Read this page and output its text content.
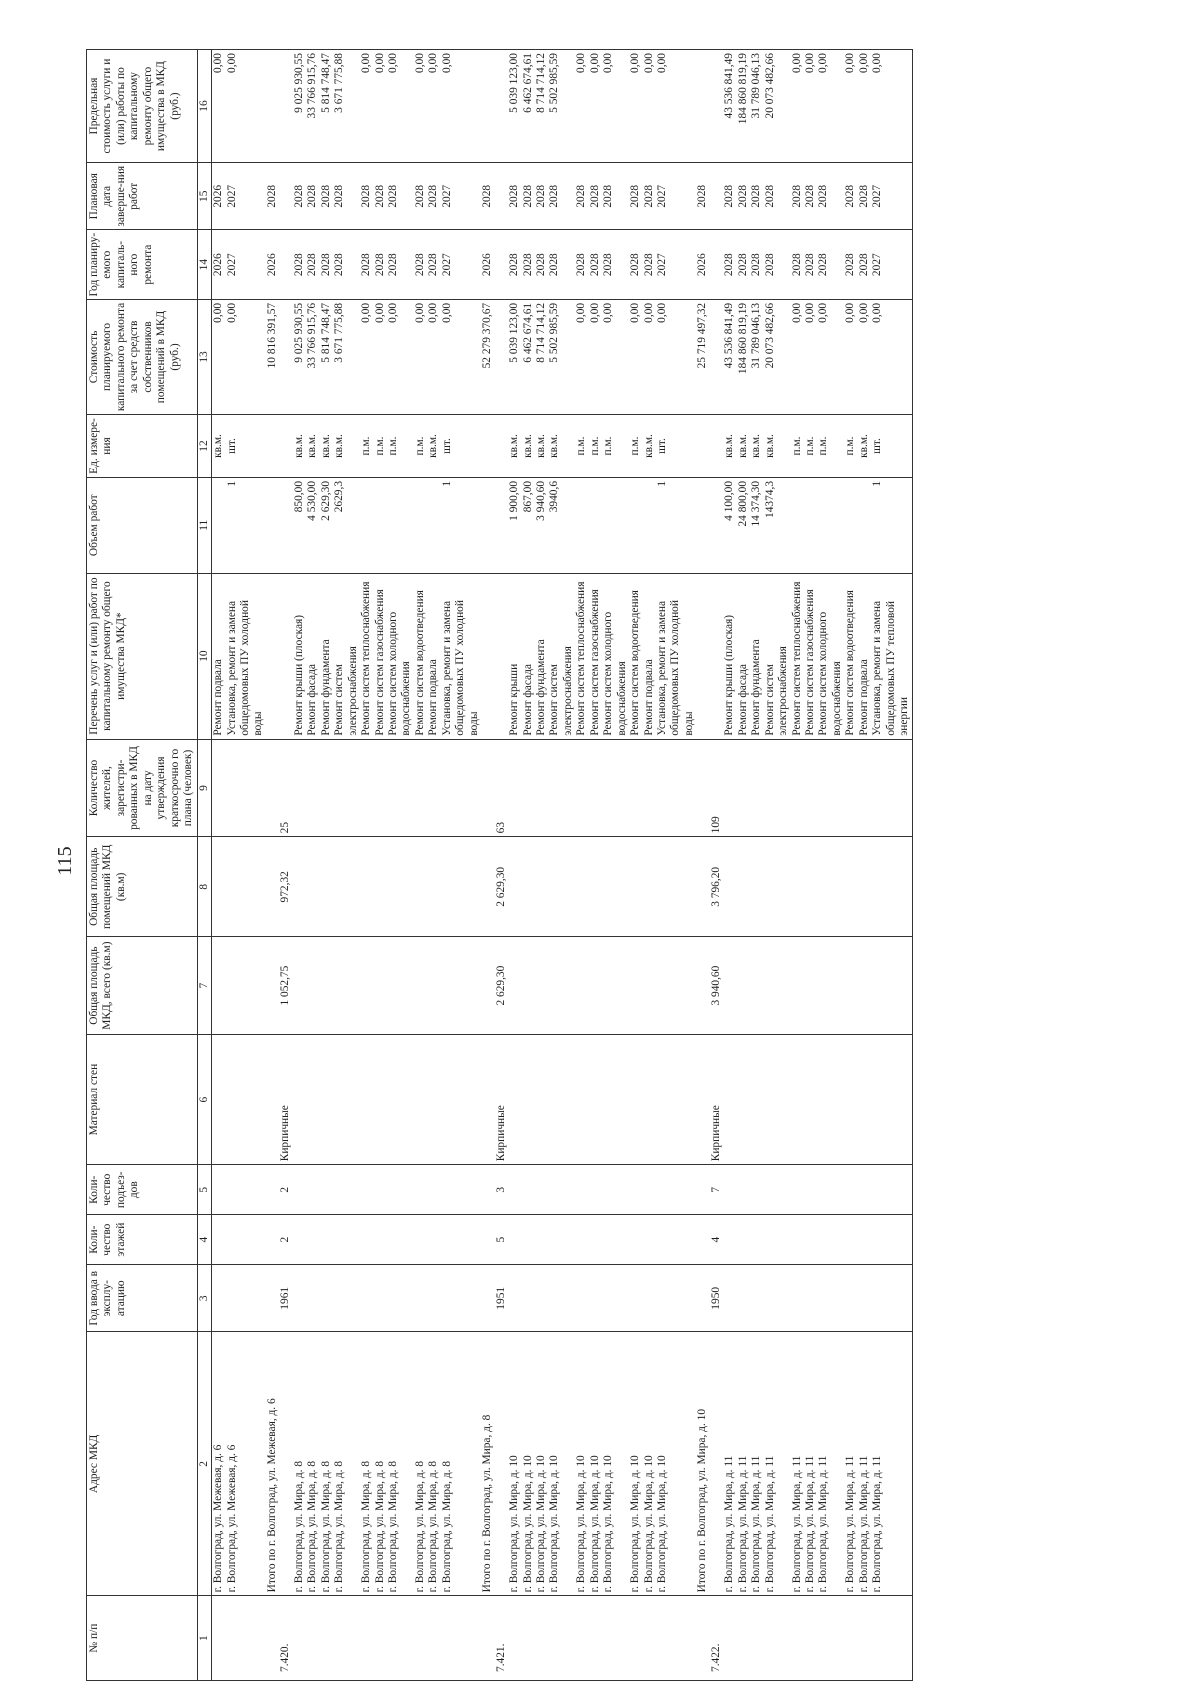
115
№ п/п	Адрес МКД	Год ввода в эксплу-атацию	Коли-чество этажей	Коли-чество подъез-дов	Материал стен	Общая площадь МКД, всего (кв.м)	Общая площадь помещений МКД (кв.м)	Количество жителей, зарегистри-рованных в МКД на дату утверждения краткосрочно го плана (человек)	Перечень услуг и (или) работ по капитальному ремонту общего имущества МКД*	Объем работ	Ед. измере-ния	Стоимость планируемого капитального ремонта за счет средств собственников помещений в МКД (руб.)	Год планиру-емого капиталь-ного ремонта	Плановая дата заверше-ния работ	Предельная стоимость услуги и (или) работы по капитальному ремонту общего имущества в МКД (руб.)
1	2	3	4	5	6	7	8	9	10	11	12	13	14	15	16
	г. Волгоград, ул. Межевая, д. 6								Ремонт подвала		кв.м.	0,00	2026	2026	0,00
	г. Волгоград, ул. Межевая, д. 6								Установка, ремонт и замена общедомовых ПУ холодной воды	1	шт.	0,00	2027	2027	0,00

	Итого по г. Волгоград, ул. Межевая, д. 6											10 816 391,57	2026	2028	
7.420.		1961	2	2	Кирпичные	1 052,75	972,32	25							
	г. Волгоград, ул. Мира, д. 8								Ремонт крыши (плоская)	850,00	кв.м.	9 025 930,55	2028	2028	9 025 930,55
	г. Волгоград, ул. Мира, д. 8								Ремонт фасада	4 530,00	кв.м.	33 766 915,76	2028	2028	33 766 915,76
	г. Волгоград, ул. Мира, д. 8								Ремонт фундамента	2 629,30	кв.м.	5 814 748,47	2028	2028	5 814 748,47
	г. Волгоград, ул. Мира, д. 8								Ремонт систем электроснабжения	2629,3	кв.м.	3 671 775,88	2028	2028	3 671 775,88
	г. Волгоград, ул. Мира, д. 8								Ремонт систем теплоснабжения		п.м.	0,00	2028	2028	0,00
	г. Волгоград, ул. Мира, д. 8								Ремонт систем газоснабжения		п.м.	0,00	2028	2028	0,00
	г. Волгоград, ул. Мира, д. 8								Ремонт систем холодного водоснабжения		п.м.	0,00	2028	2028	0,00
	г. Волгоград, ул. Мира, д. 8								Ремонт систем водоотведения		п.м.	0,00	2028	2028	0,00
	г. Волгоград, ул. Мира, д. 8								Ремонт подвала		кв.м.	0,00	2028	2028	0,00
	г. Волгоград, ул. Мира, д. 8								Установка, ремонт и замена общедомовых ПУ холодной воды	1	шт.	0,00	2027	2027	0,00
	Итого по г. Волгоград, ул. Мира, д. 8											52 279 370,67	2026	2028	
7.421.		1951	5	3	Кирпичные	2 629,30	2 629,30	63							
	г. Волгоград, ул. Мира, д. 10								Ремонт крыши	1 900,00	кв.м.	5 039 123,00	2028	2028	5 039 123,00
	г. Волгоград, ул. Мира, д. 10								Ремонт фасада	867,00	кв.м.	6 462 674,61	2028	2028	6 462 674,61
	г. Волгоград, ул. Мира, д. 10								Ремонт фундамента	3 940,60	кв.м.	8 714 714,12	2028	2028	8 714 714,12
	г. Волгоград, ул. Мира, д. 10								Ремонт систем электроснабжения	3940,6	кв.м.	5 502 985,59	2028	2028	5 502 985,59
	г. Волгоград, ул. Мира, д. 10								Ремонт систем теплоснабжения		п.м.	0,00	2028	2028	0,00
	г. Волгоград, ул. Мира, д. 10								Ремонт систем газоснабжения		п.м.	0,00	2028	2028	0,00
	г. Волгоград, ул. Мира, д. 10								Ремонт систем холодного водоснабжения		п.м.	0,00	2028	2028	0,00
	г. Волгоград, ул. Мира, д. 10								Ремонт систем водоотведения		п.м.	0,00	2028	2028	0,00
	г. Волгоград, ул. Мира, д. 10								Ремонт подвала		кв.м.	0,00	2028	2028	0,00
	г. Волгоград, ул. Мира, д. 10								Установка, ремонт и замена общедомовых ПУ холодной воды	1	шт.	0,00	2027	2027	0,00
	Итого по г. Волгоград, ул. Мира, д. 10											25 719 497,32	2026	2028	
7.422.		1950	4	7	Кирпичные	3 940,60	3 796,20	109							
	г. Волгоград, ул. Мира, д. 11								Ремонт крыши (плоская)	4 100,00	кв.м.	43 536 841,49	2028	2028	43 536 841,49
	г. Волгоград, ул. Мира, д. 11								Ремонт фасада	24 800,00	кв.м.	184 860 819,19	2028	2028	184 860 819,19
	г. Волгоград, ул. Мира, д. 11								Ремонт фундамента	14 374,30	кв.м.	31 789 046,13	2028	2028	31 789 046,13
	г. Волгоград, ул. Мира, д. 11								Ремонт систем электроснабжения	14374,3	кв.м.	20 073 482,66	2028	2028	20 073 482,66
	г. Волгоград, ул. Мира, д. 11								Ремонт систем теплоснабжения		п.м.	0,00	2028	2028	0,00
	г. Волгоград, ул. Мира, д. 11								Ремонт систем газоснабжения		п.м.	0,00	2028	2028	0,00
	г. Волгоград, ул. Мира, д. 11								Ремонт систем холодного водоснабжения		п.м.	0,00	2028	2028	0,00
	г. Волгоград, ул. Мира, д. 11								Ремонт систем водоотведения		п.м.	0,00	2028	2028	0,00
	г. Волгоград, ул. Мира, д. 11								Ремонт подвала		кв.м.	0,00	2028	2028	0,00
	г. Волгоград, ул. Мира, д. 11								Установка, ремонт и замена общедомовых ПУ тепловой энергии	1	шт.	0,00	2027	2027	0,00
